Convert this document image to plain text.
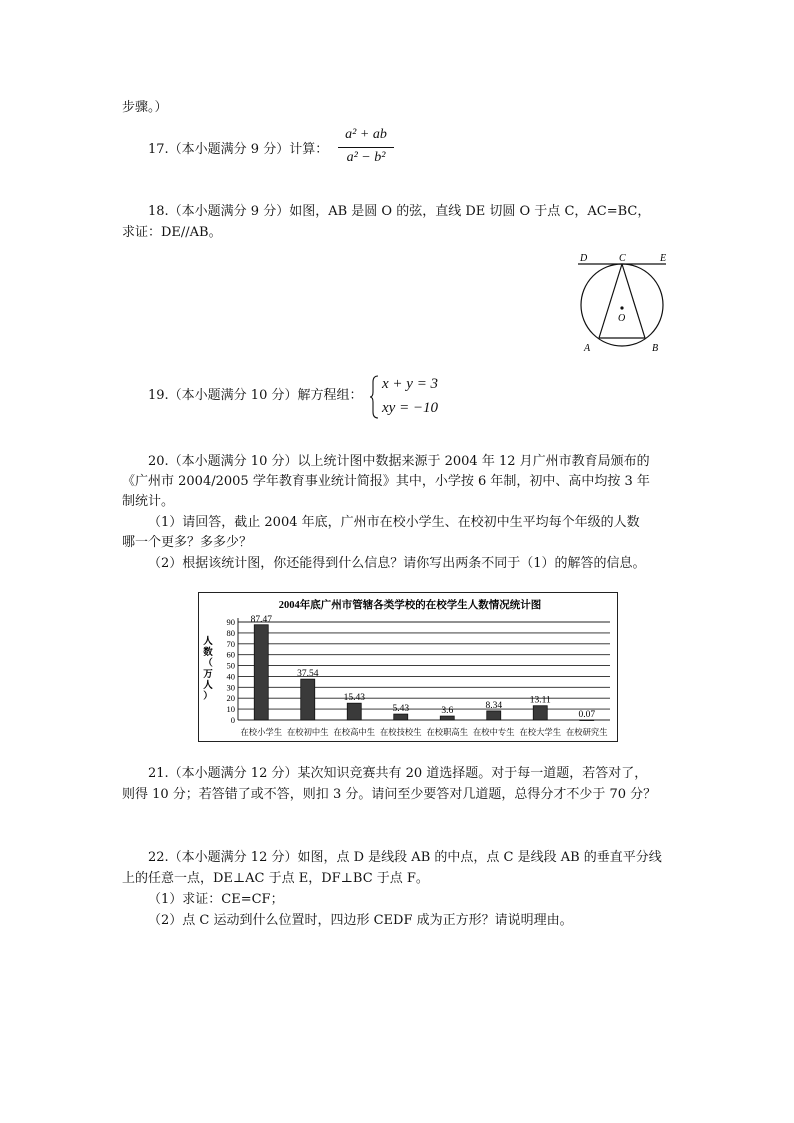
步骤。）
17.（本小题满分 9 分）计算：
a² + ab
a² − b²
18.（本小题满分 9 分）如图，AB 是圆 O 的弦，直线 DE 切圆 O 于点 C，AC=BC，
求证：DE//AB。
D	C	E
O
A	B
19.（本小题满分 10 分）解方程组：
x + y = 3
xy = −10
20.（本小题满分 10 分）以上统计图中数据来源于 2004 年 12 月广州市教育局颁布的
《广州市 2004/2005 学年教育事业统计简报》其中，小学按 6 年制，初中、高中均按 3 年
制统计。
（1）请回答，截止 2004 年底，广州市在校小学生、在校初中生平均每个年级的人数
哪一个更多？多多少？
（2）根据该统计图，你还能得到什么信息？请你写出两条不同于（1）的解答的信息。
2004年底广州市管辖各类学校的在校学生人数情况统计图
人
数
（
万
人
）
0
10
20
30
40
50
60
70
80
90 87.47
在校小学生
37.54
在校初中生
15.43
在校高中生
5.43
在校技校生
3.6
在校职高生
8.34
在校中专生
13.11
在校大学生
0.07
在校研究生
21.（本小题满分 12 分）某次知识竞赛共有 20 道选择题。对于每一道题，若答对了，
则得 10 分；若答错了或不答，则扣 3 分。请问至少要答对几道题，总得分才不少于 70 分？
22.（本小题满分 12 分）如图，点 D 是线段 AB 的中点，点 C 是线段 AB 的垂直平分线
上的任意一点，DE⊥AC 于点 E，DF⊥BC 于点 F。
（1）求证：CE=CF；
（2）点 C 运动到什么位置时，四边形 CEDF 成为正方形？请说明理由。
